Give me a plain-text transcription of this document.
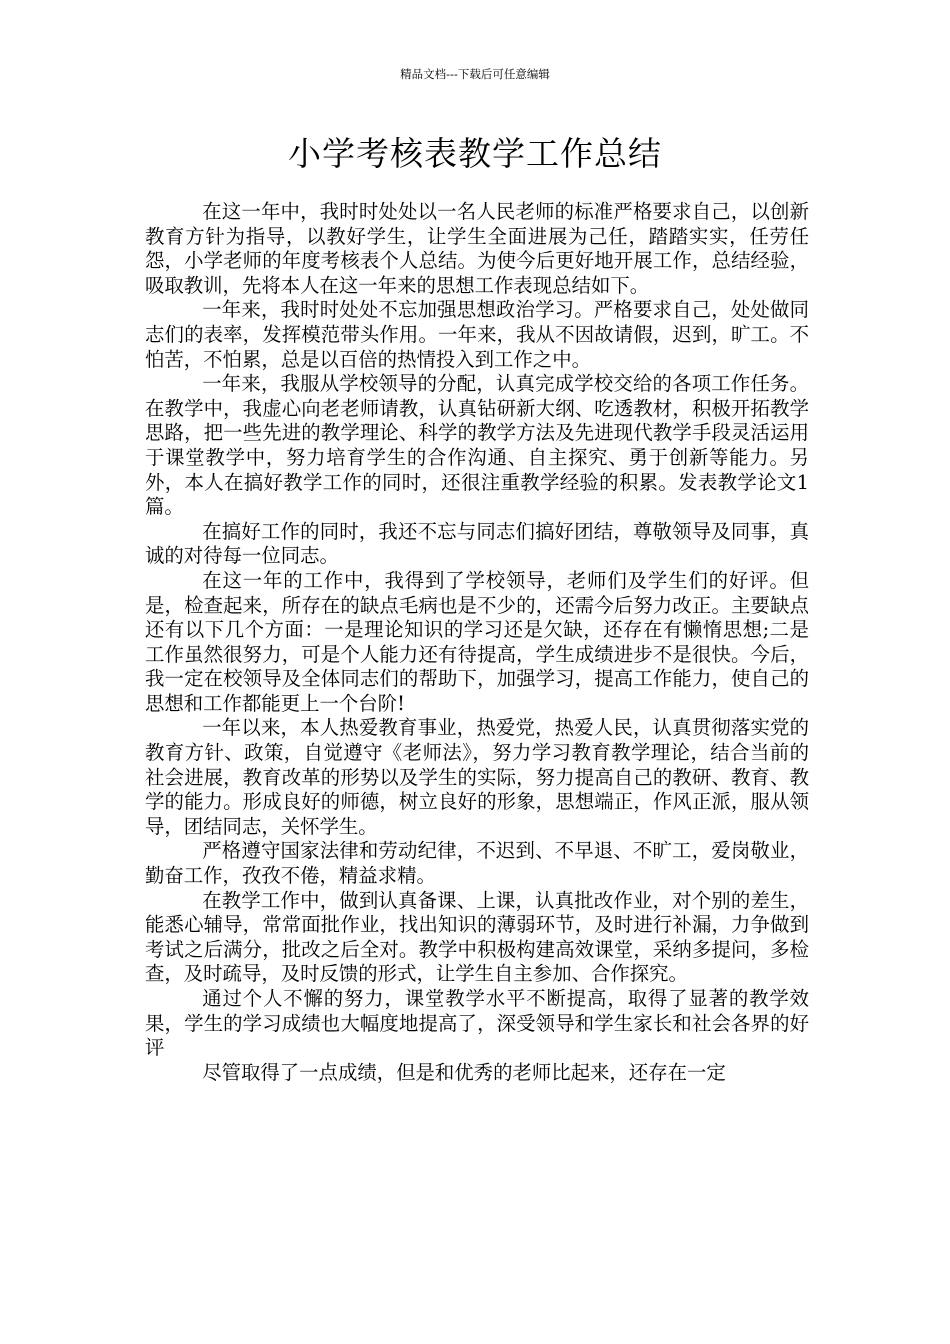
精品文档---下载后可任意编辑
小学考核表教学工作总结

在这一年中，我时时处处以一名人民老师的标准严格要求自己，以创新教育方针为指导，以教好学生，让学生全面进展为己任，踏踏实实，任劳任怨，小学老师的年度考核表个人总结。为使今后更好地开展工作，总结经验，吸取教训，先将本人在这一年来的思想工作表现总结如下。

一年来，我时时处处不忘加强思想政治学习。严格要求自己，处处做同志们的表率，发挥模范带头作用。一年来，我从不因故请假，迟到，旷工。不怕苦，不怕累，总是以百倍的热情投入到工作之中。

一年来，我服从学校领导的分配，认真完成学校交给的各项工作任务。在教学中，我虚心向老老师请教，认真钻研新大纲、吃透教材，积极开拓教学思路，把一些先进的教学理论、科学的教学方法及先进现代教学手段灵活运用于课堂教学中，努力培育学生的合作沟通、自主探究、勇于创新等能力。另外，本人在搞好教学工作的同时，还很注重教学经验的积累。发表教学论文1篇。

在搞好工作的同时，我还不忘与同志们搞好团结，尊敬领导及同事，真诚的对待每一位同志。

在这一年的工作中，我得到了学校领导，老师们及学生们的好评。但是，检查起来，所存在的缺点毛病也是不少的，还需今后努力改正。主要缺点还有以下几个方面：一是理论知识的学习还是欠缺，还存在有懒惰思想;二是工作虽然很努力，可是个人能力还有待提高，学生成绩进步不是很快。今后，我一定在校领导及全体同志们的帮助下，加强学习，提高工作能力，使自己的思想和工作都能更上一个台阶!

一年以来，本人热爱教育事业，热爱党，热爱人民，认真贯彻落实党的教育方针、政策，自觉遵守《老师法》，努力学习教育教学理论，结合当前的社会进展，教育改革的形势以及学生的实际，努力提高自己的教研、教育、教学的能力。形成良好的师德，树立良好的形象，思想端正，作风正派，服从领导，团结同志，关怀学生。

严格遵守国家法律和劳动纪律，不迟到、不早退、不旷工，爱岗敬业，勤奋工作，孜孜不倦，精益求精。

在教学工作中，做到认真备课、上课，认真批改作业，对个别的差生，能悉心辅导，常常面批作业，找出知识的薄弱环节，及时进行补漏，力争做到考试之后满分，批改之后全对。教学中积极构建高效课堂，采纳多提问，多检查，及时疏导，及时反馈的形式，让学生自主参加、合作探究。

通过个人不懈的努力，课堂教学水平不断提高，取得了显著的教学效果，学生的学习成绩也大幅度地提高了，深受领导和学生家长和社会各界的好评

尽管取得了一点成绩，但是和优秀的老师比起来，还存在一定
